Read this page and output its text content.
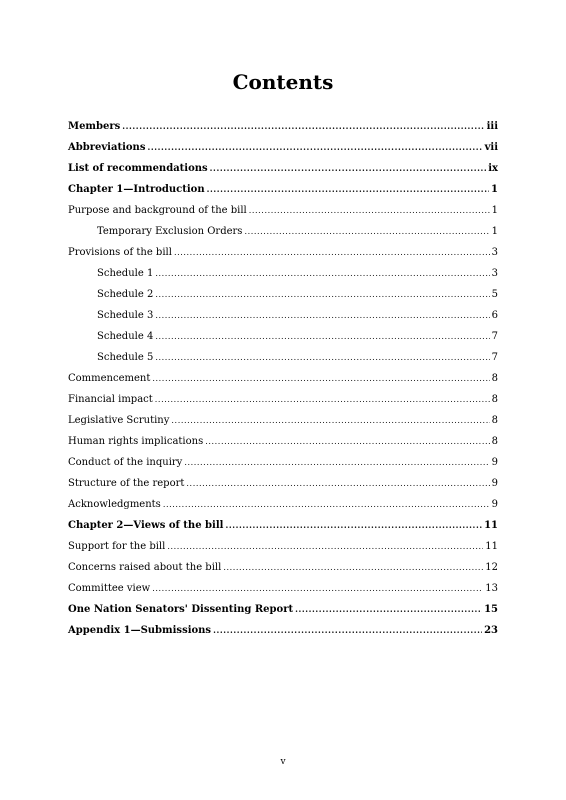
Contents
Members .....	iii
Abbreviations .....	vii
List of recommendations .....	ix
Chapter 1—Introduction .....	1
Purpose and background of the bill .....	1
Temporary Exclusion Orders .....	1
Provisions of the bill .....	3
Schedule 1 .....	3
Schedule 2 .....	5
Schedule 3 .....	6
Schedule 4 .....	7
Schedule 5 .....	7
Commencement .....	8
Financial impact .....	8
Legislative Scrutiny .....	8
Human rights implications .....	8
Conduct of the inquiry .....	9
Structure of the report .....	9
Acknowledgments .....	9
Chapter 2—Views of the bill .....	11
Support for the bill .....	11
Concerns raised about the bill .....	12
Committee view .....	13
One Nation Senators' Dissenting Report .....	15
Appendix 1—Submissions .....	23
v
